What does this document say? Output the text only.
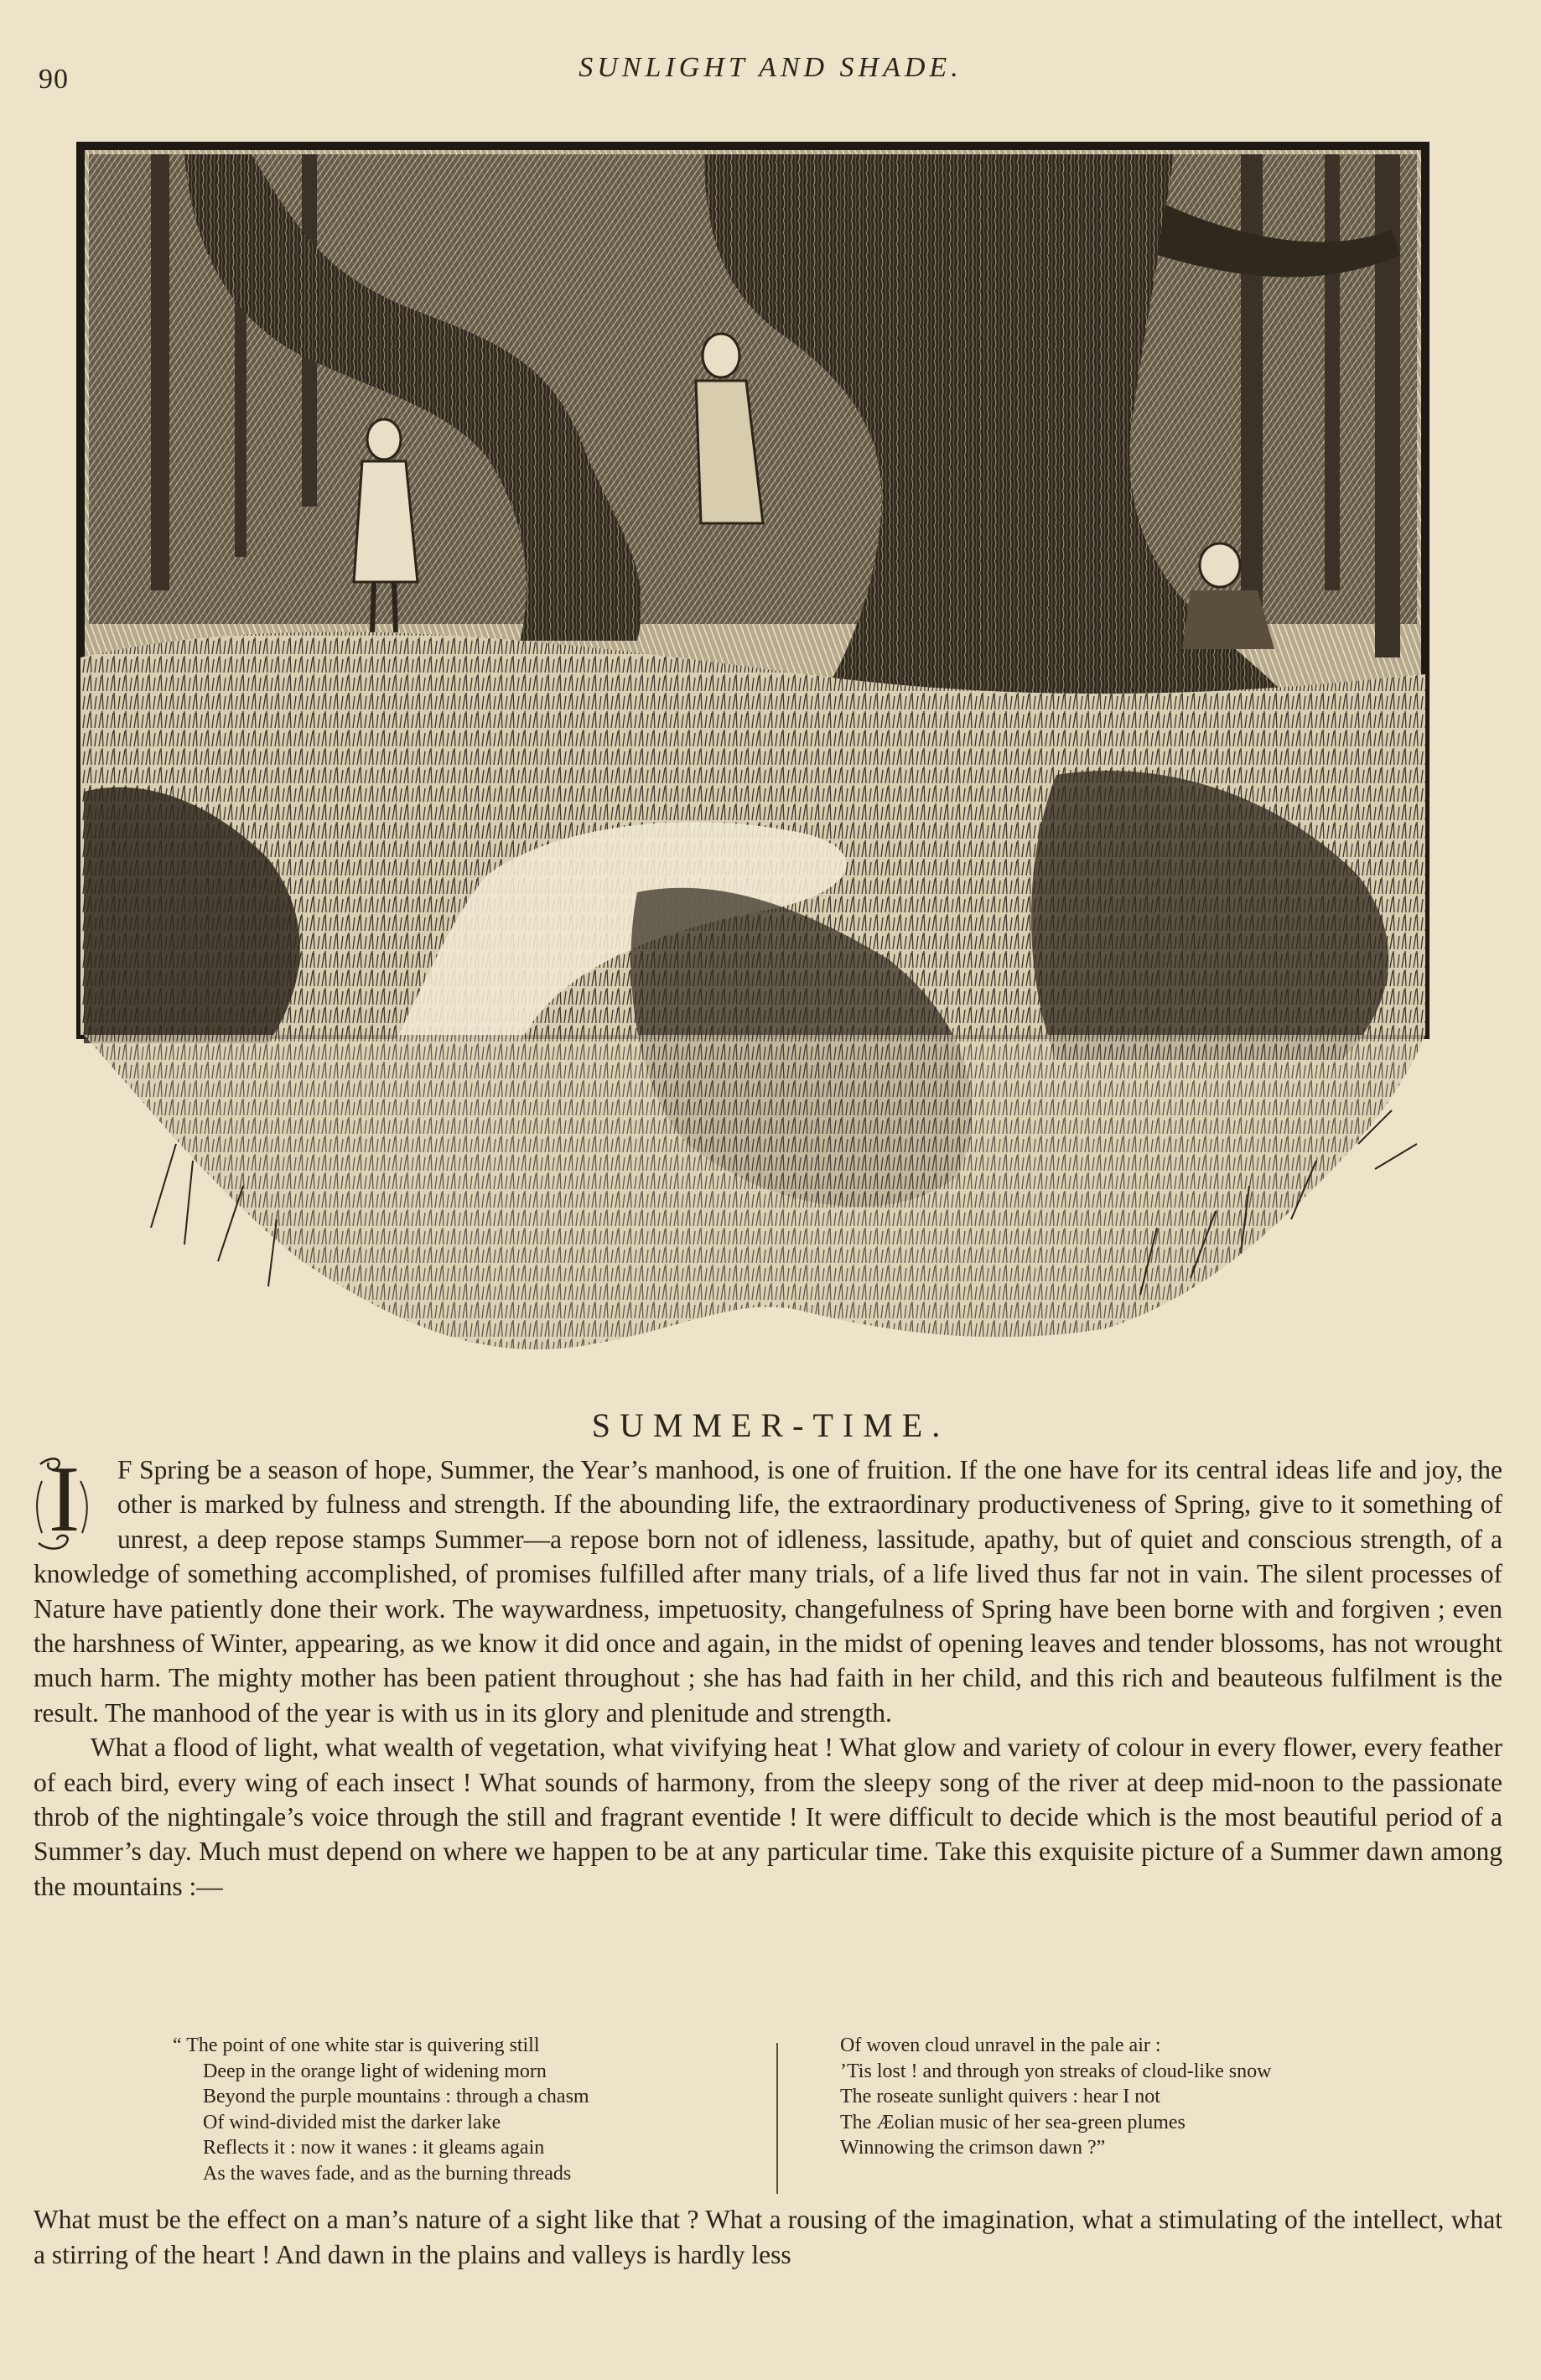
90	SUNLIGHT AND SHADE.
SUMMER-TIME.

I F Spring be a season of hope, Summer, the Year’s manhood, is one of fruition. If the one have for its central ideas life and joy, the other is marked by fulness and strength. If the abounding life, the extraordinary productiveness of Spring, give to it something of unrest, a deep repose stamps Summer—a repose born not of idleness, lassitude, apathy, but of quiet and conscious strength, of a knowledge of something accomplished, of promises fulfilled after many trials, of a life lived thus far not in vain. The silent processes of Nature have patiently done their work. The waywardness, impetuosity, changefulness of Spring have been borne with and forgiven ; even the harshness of Winter, appearing, as we know it did once and again, in the midst of opening leaves and tender blossoms, has not wrought much harm. The mighty mother has been patient throughout ; she has had faith in her child, and this rich and beauteous fulfilment is the result. The manhood of the year is with us in its glory and plenitude and strength.

What a flood of light, what wealth of vegetation, what vivifying heat ! What glow and variety of colour in every flower, every feather of each bird, every wing of each insect ! What sounds of harmony, from the sleepy song of the river at deep mid-noon to the passionate throb of the nightingale’s voice through the still and fragrant eventide ! It were difficult to decide which is the most beautiful period of a Summer’s day. Much must depend on where we happen to be at any particular time. Take this exquisite picture of a Summer dawn among the mountains :—

“ The point of one white star is quivering still
Deep in the orange light of widening morn
Beyond the purple mountains : through a chasm
Of wind-divided mist the darker lake
Reflects it : now it wanes : it gleams again
As the waves fade, and as the burning threads
Of woven cloud unravel in the pale air :
’Tis lost ! and through yon streaks of cloud-like snow
The roseate sunlight quivers : hear I not
The Æolian music of her sea-green plumes
Winnowing the crimson dawn ?”

What must be the effect on a man’s nature of a sight like that ? What a rousing of the imagination, what a stimulating of the intellect, what a stirring of the heart ! And dawn in the plains and valleys is hardly less
